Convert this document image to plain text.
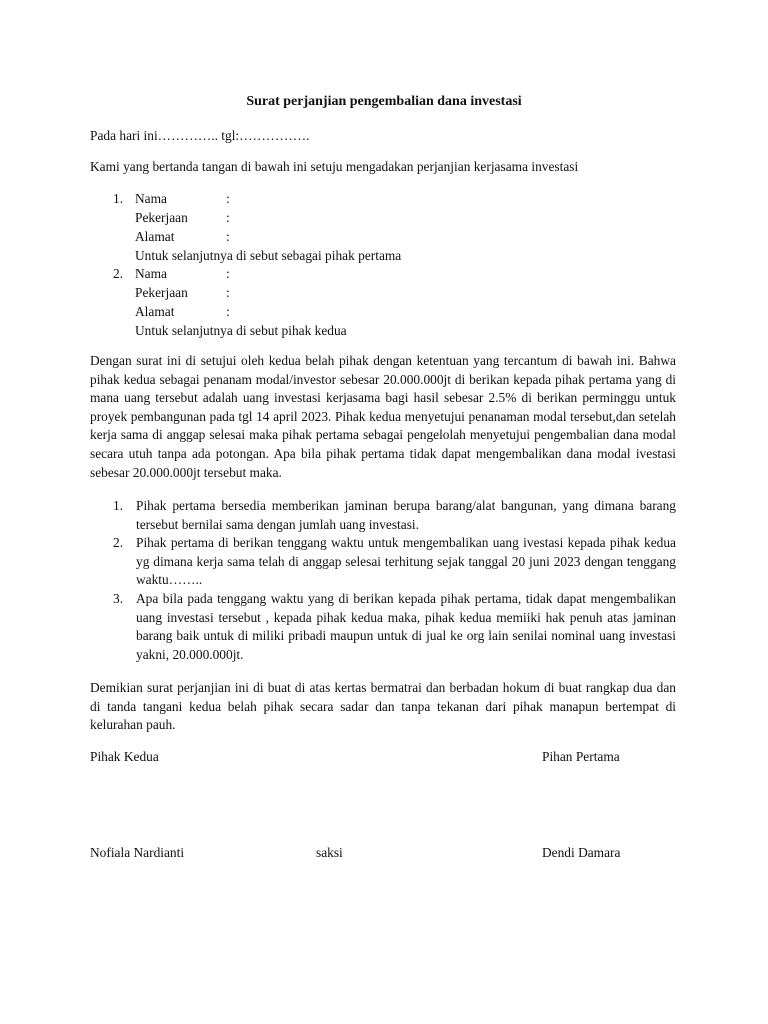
Surat perjanjian pengembalian dana investasi
Pada hari ini………….. tgl:…………….
Kami yang bertanda tangan di bawah ini setuju mengadakan perjanjian kerjasama investasi
1. Nama	:
Pekerjaan	:
Alamat	:
Untuk selanjutnya di sebut sebagai pihak pertama
2. Nama	:
Pekerjaan	:
Alamat	:
Untuk selanjutnya di sebut pihak kedua
Dengan surat ini di setujui oleh kedua belah pihak dengan ketentuan yang tercantum di bawah ini. Bahwa pihak kedua sebagai penanam modal/investor sebesar 20.000.000jt di berikan kepada pihak pertama yang di mana uang tersebut adalah uang investasi kerjasama bagi hasil sebesar 2.5% di berikan perminggu untuk proyek pembangunan pada tgl 14 april 2023. Pihak kedua menyetujui penanaman modal tersebut,dan setelah kerja sama di anggap selesai maka pihak pertama sebagai pengelolah menyetujui pengembalian dana modal secara utuh tanpa ada potongan. Apa bila pihak pertama tidak dapat mengembalikan dana modal ivestasi sebesar 20.000.000jt tersebut maka.
1. Pihak pertama bersedia memberikan jaminan berupa barang/alat bangunan, yang dimana barang tersebut bernilai sama dengan jumlah uang investasi.
2. Pihak pertama di berikan tenggang waktu untuk mengembalikan uang ivestasi kepada pihak kedua yg dimana kerja sama telah di anggap selesai terhitung sejak tanggal 20 juni 2023 dengan tenggang waktu……..
3. Apa bila pada tenggang waktu yang di berikan kepada pihak pertama, tidak dapat mengembalikan uang investasi tersebut , kepada pihak kedua maka, pihak kedua memiiki hak penuh atas jaminan barang baik untuk di miliki pribadi maupun untuk di jual ke org lain senilai nominal uang investasi yakni, 20.000.000jt.
Demikian surat perjanjian ini di buat di atas kertas bermatrai dan berbadan hokum di buat rangkap dua dan di tanda tangani kedua belah pihak secara sadar dan tanpa tekanan dari pihak manapun bertempat di kelurahan pauh.
Pihak Kedua	Pihan Pertama
Nofiala Nardianti	saksi	Dendi Damara
